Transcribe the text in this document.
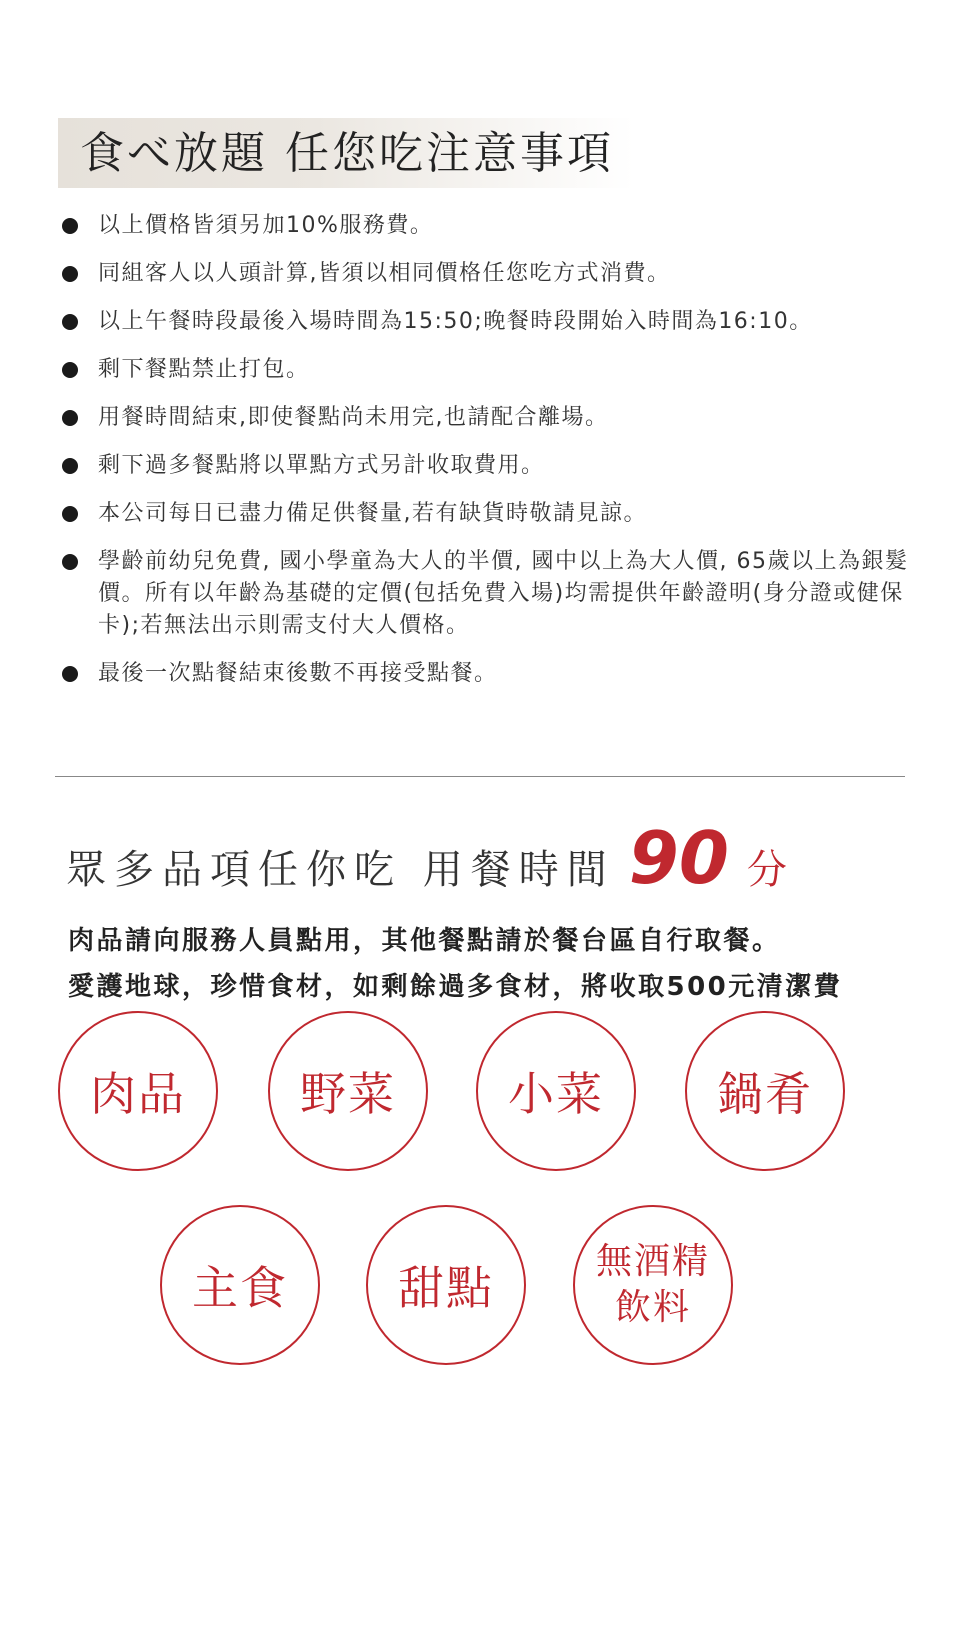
食べ放題 任您吃注意事項
以上價格皆須另加10%服務費。
同組客人以人頭計算,皆須以相同價格任您吃方式消費。
以上午餐時段最後入場時間為15:50;晚餐時段開始入時間為16:10。
剩下餐點禁止打包。
用餐時間結束,即使餐點尚未用完,也請配合離場。
剩下過多餐點將以單點方式另計收取費用。
本公司每日已盡力備足供餐量,若有缺貨時敬請見諒。
學齡前幼兒免費, 國小學童為大人的半價, 國中以上為大人價, 65歲以上為銀髮價。所有以年齡為基礎的定價(包括免費入場)均需提供年齡證明(身分證或健保卡);若無法出示則需支付大人價格。
最後一次點餐結束後數不再接受點餐。
眾多品項任你吃 用餐時間 90 分
肉品請向服務人員點用，其他餐點請於餐台區自行取餐。
愛護地球，珍惜食材，如剩餘過多食材，將收取500元清潔費
肉品 野菜 小菜 鍋肴
主食 甜點	無酒精
飲料
